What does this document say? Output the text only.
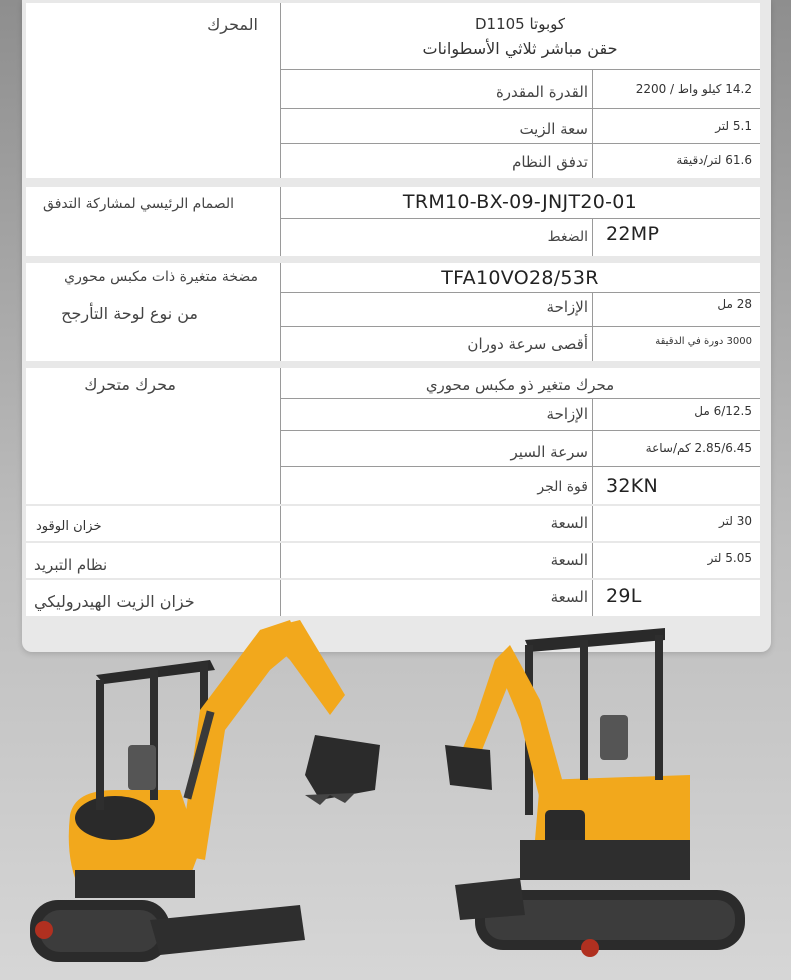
المحرك	كوبوتا D1105
حقن مباشر ثلاثي الأسطوانات
القدرة المقدرة	14.2 كيلو واط / 2200
سعة الزيت	5.1 لتر
تدفق النظام	61.6 لتر/دقيقة
الصمام الرئيسي لمشاركة التدفق	TRM10-BX-09-JNJT20-01
الضغط 22MP
مضخة متغيرة ذات مكبس محوري
من نوع لوحة التأرجح
TFA10VO28/53R
الإزاحة	28 مل
أقصى سرعة دوران	3000 دورة في الدقيقة
محرك متحرك	محرك متغير ذو مكبس محوري
الإزاحة	6/12.5 مل
سرعة السير	2.85/6.45 كم/ساعة
قوة الجر 32KN
خزان الوقود	السعة	30 لتر
نظام التبريد	السعة	5.05 لتر
خزان الزيت الهيدروليكي	السعة 29L
